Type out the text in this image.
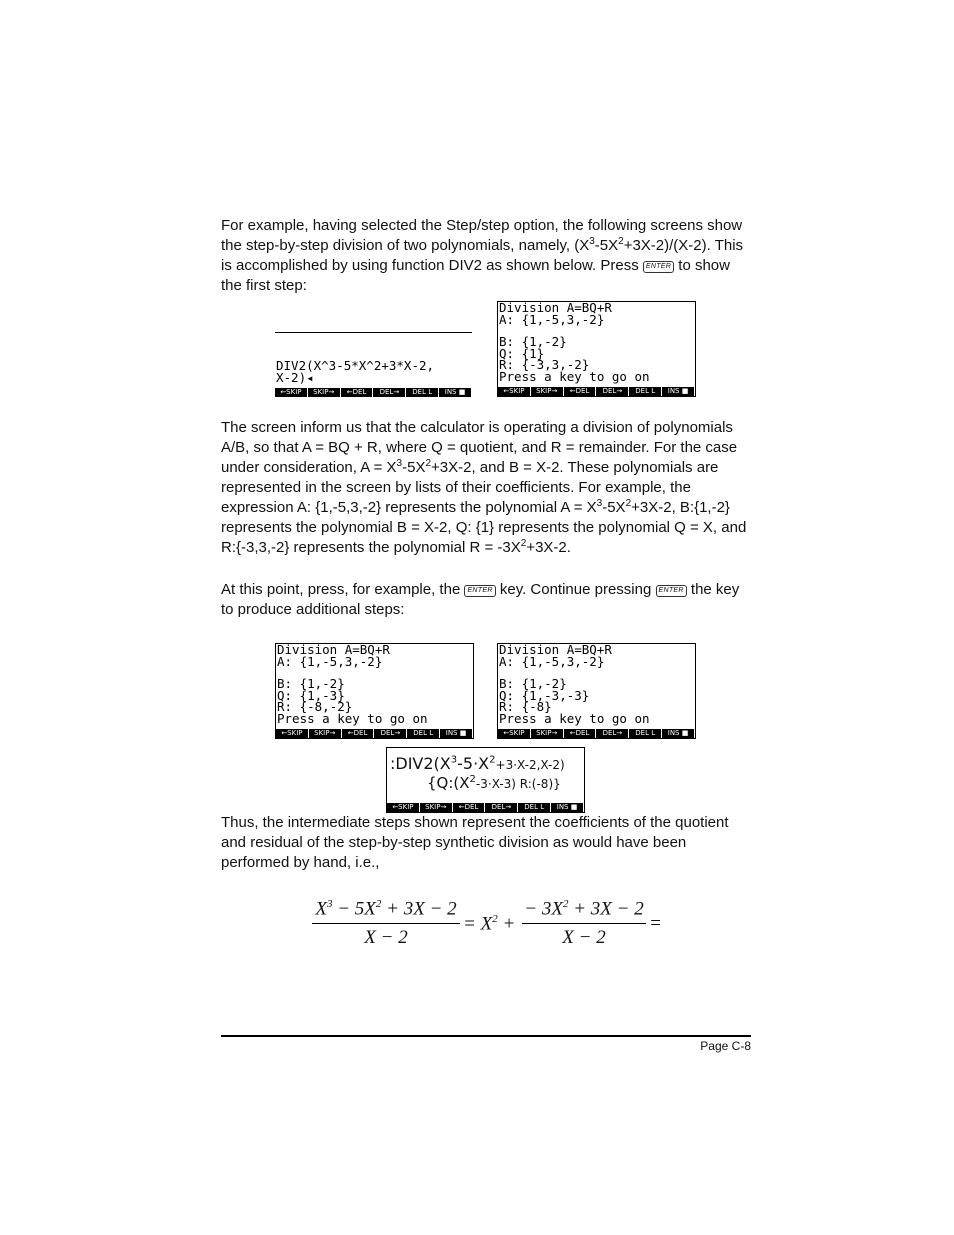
For example, having selected the Step/step option, the following screens show the step-by-step division of two polynomials, namely, $(X^3-5X^2+3X-2)/(X-2)$. This is accomplished by using function DIV2 as shown below. Press ENTER to show the first step:
DIV2(X^3-5*X^2+3*X-2,
X-2)◂
←SKIP	SKIP→	←DEL	DEL→	DEL L	INS ■
Division A=BQ+R
A: {1,-5,3,-2}
B: {1,-2}
Q: {1}
R: {-3,3,-2}
Press a key to go on
←SKIP	SKIP→	←DEL	DEL→	DEL L	INS ■
The screen inform us that the calculator is operating a division of polynomials A/B, so that A = BQ + R, where Q = quotient, and R = remainder. For the case under consideration, $A = X^3-5X^2+3X-2$, and B = X-2. These polynomials are represented in the screen by lists of their coefficients. For example, the expression A: {1,-5,3,-2} represents the polynomial $A = X^3-5X^2+3X-2$, B:{1,-2} represents the polynomial B = X-2, Q: {1} represents the polynomial Q = X, and R:{-3,3,-2} represents the polynomial $R = -3X^2+3X-2$.
At this point, press, for example, the ENTER key. Continue pressing ENTER the key to produce additional steps:
Division A=BQ+R
A: {1,-5,3,-2}
B: {1,-2}
Q: {1,-3}
R: {-8,-2}
Press a key to go on
←SKIP	SKIP→	←DEL	DEL→	DEL L	INS ■
Division A=BQ+R
A: {1,-5,3,-2}
B: {1,-2}
Q: {1,-3,-3}
R: {-8}
Press a key to go on
←SKIP	SKIP→	←DEL	DEL→	DEL L	INS ■
$:DIV2(X^3-5\cdot X^2+3\cdot X-2,X-2)$
{$Q:(X^2-3\cdot X-3)$ R:(-8)}
←SKIP	SKIP→	←DEL	DEL→	DEL L	INS ■
Thus, the intermediate steps shown represent the coefficients of the quotient and residual of the step-by-step synthetic division as would have been performed by hand, i.e.,
$\frac{X^3 - 5X^2 + 3X - 2}{X - 2} = X^2 + \frac{- 3X^2 + 3X - 2}{X - 2}$ =
Page C-8
